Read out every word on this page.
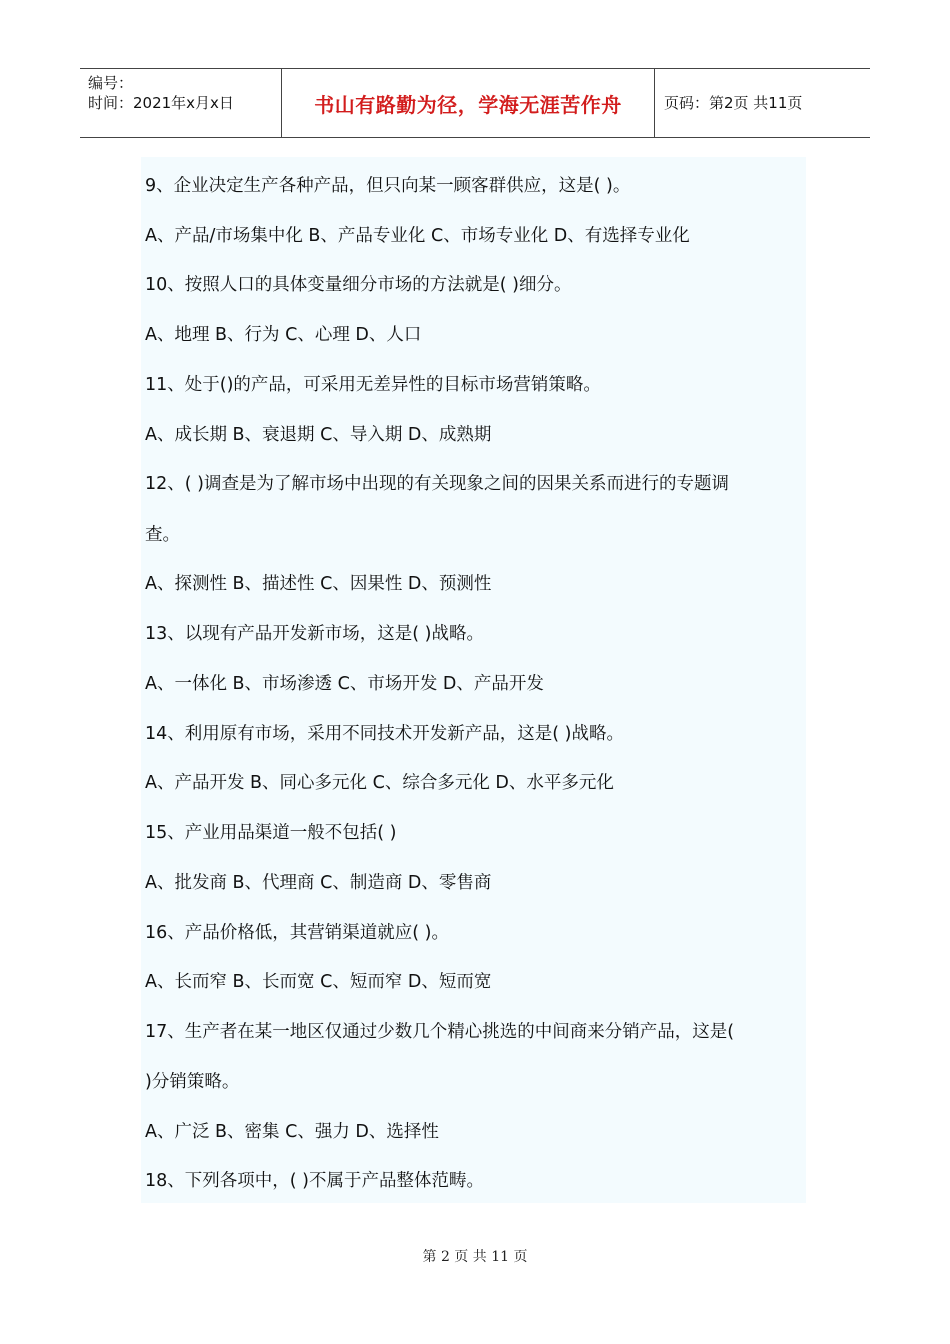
编号：
时间：2021年x月x日	书山有路勤为径，学海无涯苦作舟	页码：第2页 共11页
9、企业决定生产各种产品，但只向某一顾客群供应，这是( )。
A、产品/市场集中化 B、产品专业化 C、市场专业化 D、有选择专业化
10、按照人口的具体变量细分市场的方法就是( )细分。
A、地理 B、行为 C、心理 D、人口
11、处于()的产品，可采用无差异性的目标市场营销策略。
A、成长期 B、衰退期 C、导入期 D、成熟期
12、( )调查是为了解市场中出现的有关现象之间的因果关系而进行的专题调
查。
A、探测性 B、描述性 C、因果性 D、预测性
13、以现有产品开发新市场，这是( )战略。
A、一体化 B、市场渗透 C、市场开发 D、产品开发
14、利用原有市场，采用不同技术开发新产品，这是( )战略。
A、产品开发 B、同心多元化 C、综合多元化 D、水平多元化
15、产业用品渠道一般不包括( )
A、批发商 B、代理商 C、制造商 D、零售商
16、产品价格低，其营销渠道就应( )。
A、长而窄 B、长而宽 C、短而窄 D、短而宽
17、生产者在某一地区仅通过少数几个精心挑选的中间商来分销产品，这是(
)分销策略。
A、广泛 B、密集 C、强力 D、选择性
18、下列各项中，( )不属于产品整体范畴。
第 2 页 共 11 页
